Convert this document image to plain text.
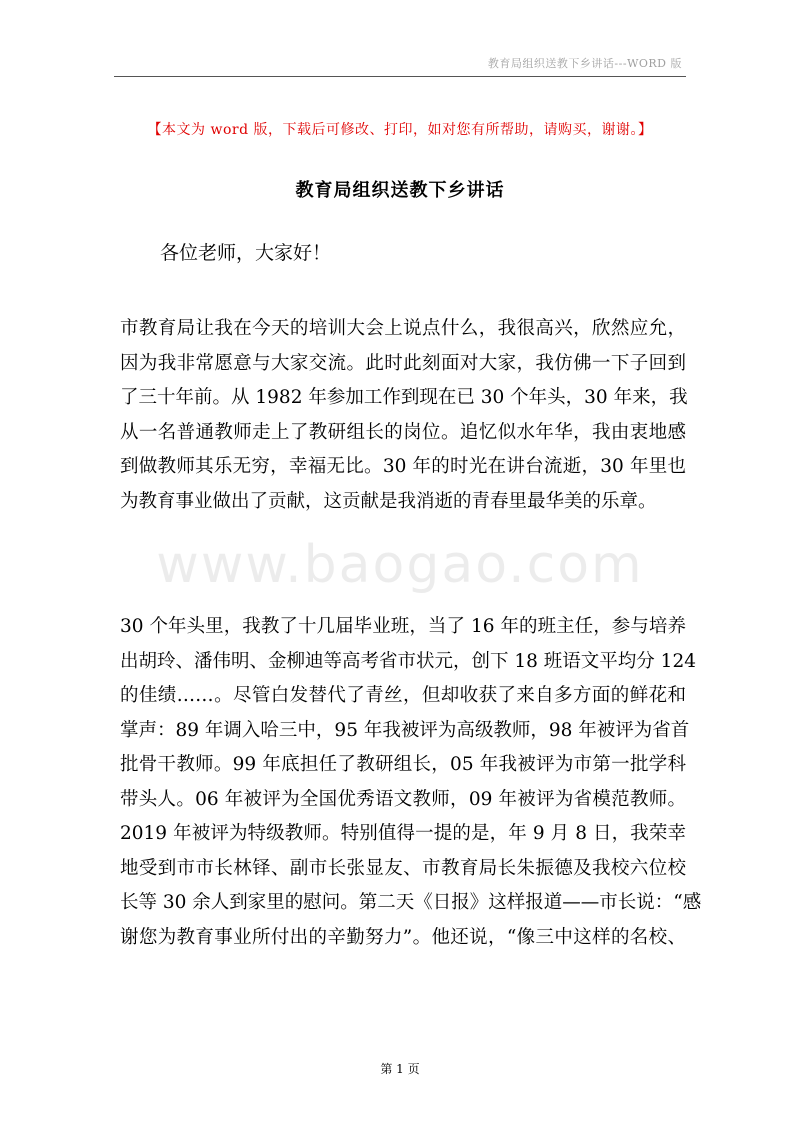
教育局组织送教下乡讲话---WORD 版
【本文为 word 版，下载后可修改、打印，如对您有所帮助，请购买，谢谢。】
教育局组织送教下乡讲话
各位老师，大家好！
www.baogao.com
市教育局让我在今天的培训大会上说点什么，我很高兴，欣然应允，
因为我非常愿意与大家交流。此时此刻面对大家，我仿佛一下子回到
了三十年前。从 1982 年参加工作到现在已 30 个年头，30 年来，我
从一名普通教师走上了教研组长的岗位。追忆似水年华，我由衷地感
到做教师其乐无穷，幸福无比。30 年的时光在讲台流逝，30 年里也
为教育事业做出了贡献，这贡献是我消逝的青春里最华美的乐章。
30 个年头里，我教了十几届毕业班，当了 16 年的班主任，参与培养
出胡玲、潘伟明、金柳迪等高考省市状元，创下 18 班语文平均分 124
的佳绩……。尽管白发替代了青丝，但却收获了来自多方面的鲜花和
掌声：89 年调入哈三中，95 年我被评为高级教师，98 年被评为省首
批骨干教师。99 年底担任了教研组长，05 年我被评为市第一批学科
带头人。06 年被评为全国优秀语文教师，09 年被评为省模范教师。
2019 年被评为特级教师。特别值得一提的是，年 9 月 8 日，我荣幸
地受到市市长林铎、副市长张显友、市教育局长朱振德及我校六位校
长等 30 余人到家里的慰问。第二天《日报》这样报道——市长说：“感
谢您为教育事业所付出的辛勤努力”。他还说，“像三中这样的名校、
第 1 页
